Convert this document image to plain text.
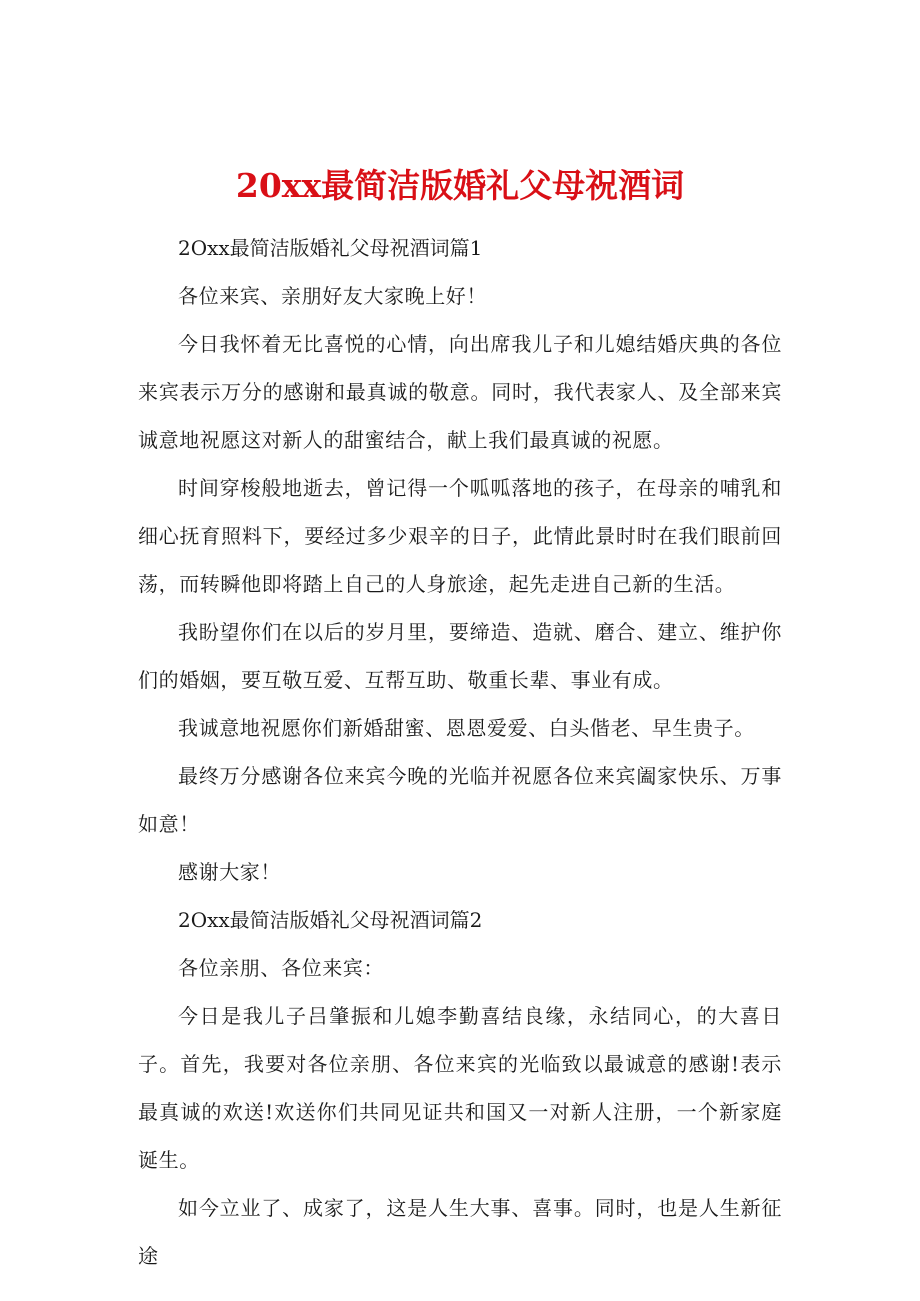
20xx最简洁版婚礼父母祝酒词

2Oxx最简洁版婚礼父母祝酒词篇1

各位来宾、亲朋好友大家晚上好！

今日我怀着无比喜悦的心情，向出席我儿子和儿媳结婚庆典的各位来宾表示万分的感谢和最真诚的敬意。同时，我代表家人、及全部来宾诚意地祝愿这对新人的甜蜜结合，献上我们最真诚的祝愿。

时间穿梭般地逝去，曾记得一个呱呱落地的孩子，在母亲的哺乳和细心抚育照料下，要经过多少艰辛的日子，此情此景时时在我们眼前回荡，而转瞬他即将踏上自己的人身旅途，起先走进自己新的生活。

我盼望你们在以后的岁月里，要缔造、造就、磨合、建立、维护你们的婚姻，要互敬互爱、互帮互助、敬重长辈、事业有成。

我诚意地祝愿你们新婚甜蜜、恩恩爱爱、白头偕老、早生贵子。

最终万分感谢各位来宾今晚的光临并祝愿各位来宾阖家快乐、万事如意！

感谢大家！

2Oxx最简洁版婚礼父母祝酒词篇2

各位亲朋、各位来宾：

今日是我儿子吕肇振和儿媳李勤喜结良缘，永结同心，的大喜日子。首先，我要对各位亲朋、各位来宾的光临致以最诚意的感谢!表示最真诚的欢送!欢送你们共同见证共和国又一对新人注册，一个新家庭诞生。

如今立业了、成家了，这是人生大事、喜事。同时，也是人生新征途
